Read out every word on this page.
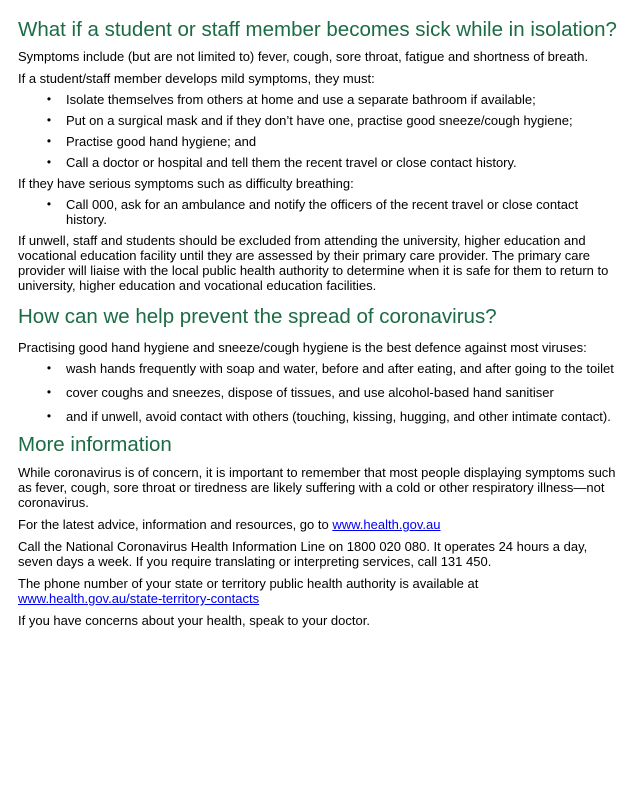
What if a student or staff member becomes sick while in isolation?

Symptoms include (but are not limited to) fever, cough, sore throat, fatigue and shortness of breath.

If a student/staff member develops mild symptoms, they must:

• Isolate themselves from others at home and use a separate bathroom if available;
• Put on a surgical mask and if they don’t have one, practise good sneeze/cough hygiene;
• Practise good hand hygiene; and
• Call a doctor or hospital and tell them the recent travel or close contact history.

If they have serious symptoms such as difficulty breathing:

• Call 000, ask for an ambulance and notify the officers of the recent travel or close contact history.

If unwell, staff and students should be excluded from attending the university, higher education and vocational education facility until they are assessed by their primary care provider. The primary care provider will liaise with the local public health authority to determine when it is safe for them to return to university, higher education and vocational education facilities.

How can we help prevent the spread of coronavirus?

Practising good hand hygiene and sneeze/cough hygiene is the best defence against most viruses:

• wash hands frequently with soap and water, before and after eating, and after going to the toilet
• cover coughs and sneezes, dispose of tissues, and use alcohol-based hand sanitiser
• and if unwell, avoid contact with others (touching, kissing, hugging, and other intimate contact).
More information

While coronavirus is of concern, it is important to remember that most people displaying symptoms such as fever, cough, sore throat or tiredness are likely suffering with a cold or other respiratory illness—not coronavirus.

For the latest advice, information and resources, go to www.health.gov.au

Call the National Coronavirus Health Information Line on 1800 020 080. It operates 24 hours a day, seven days a week. If you require translating or interpreting services, call 131 450.

The phone number of your state or territory public health authority is available at
www.health.gov.au/state-territory-contacts

If you have concerns about your health, speak to your doctor.
